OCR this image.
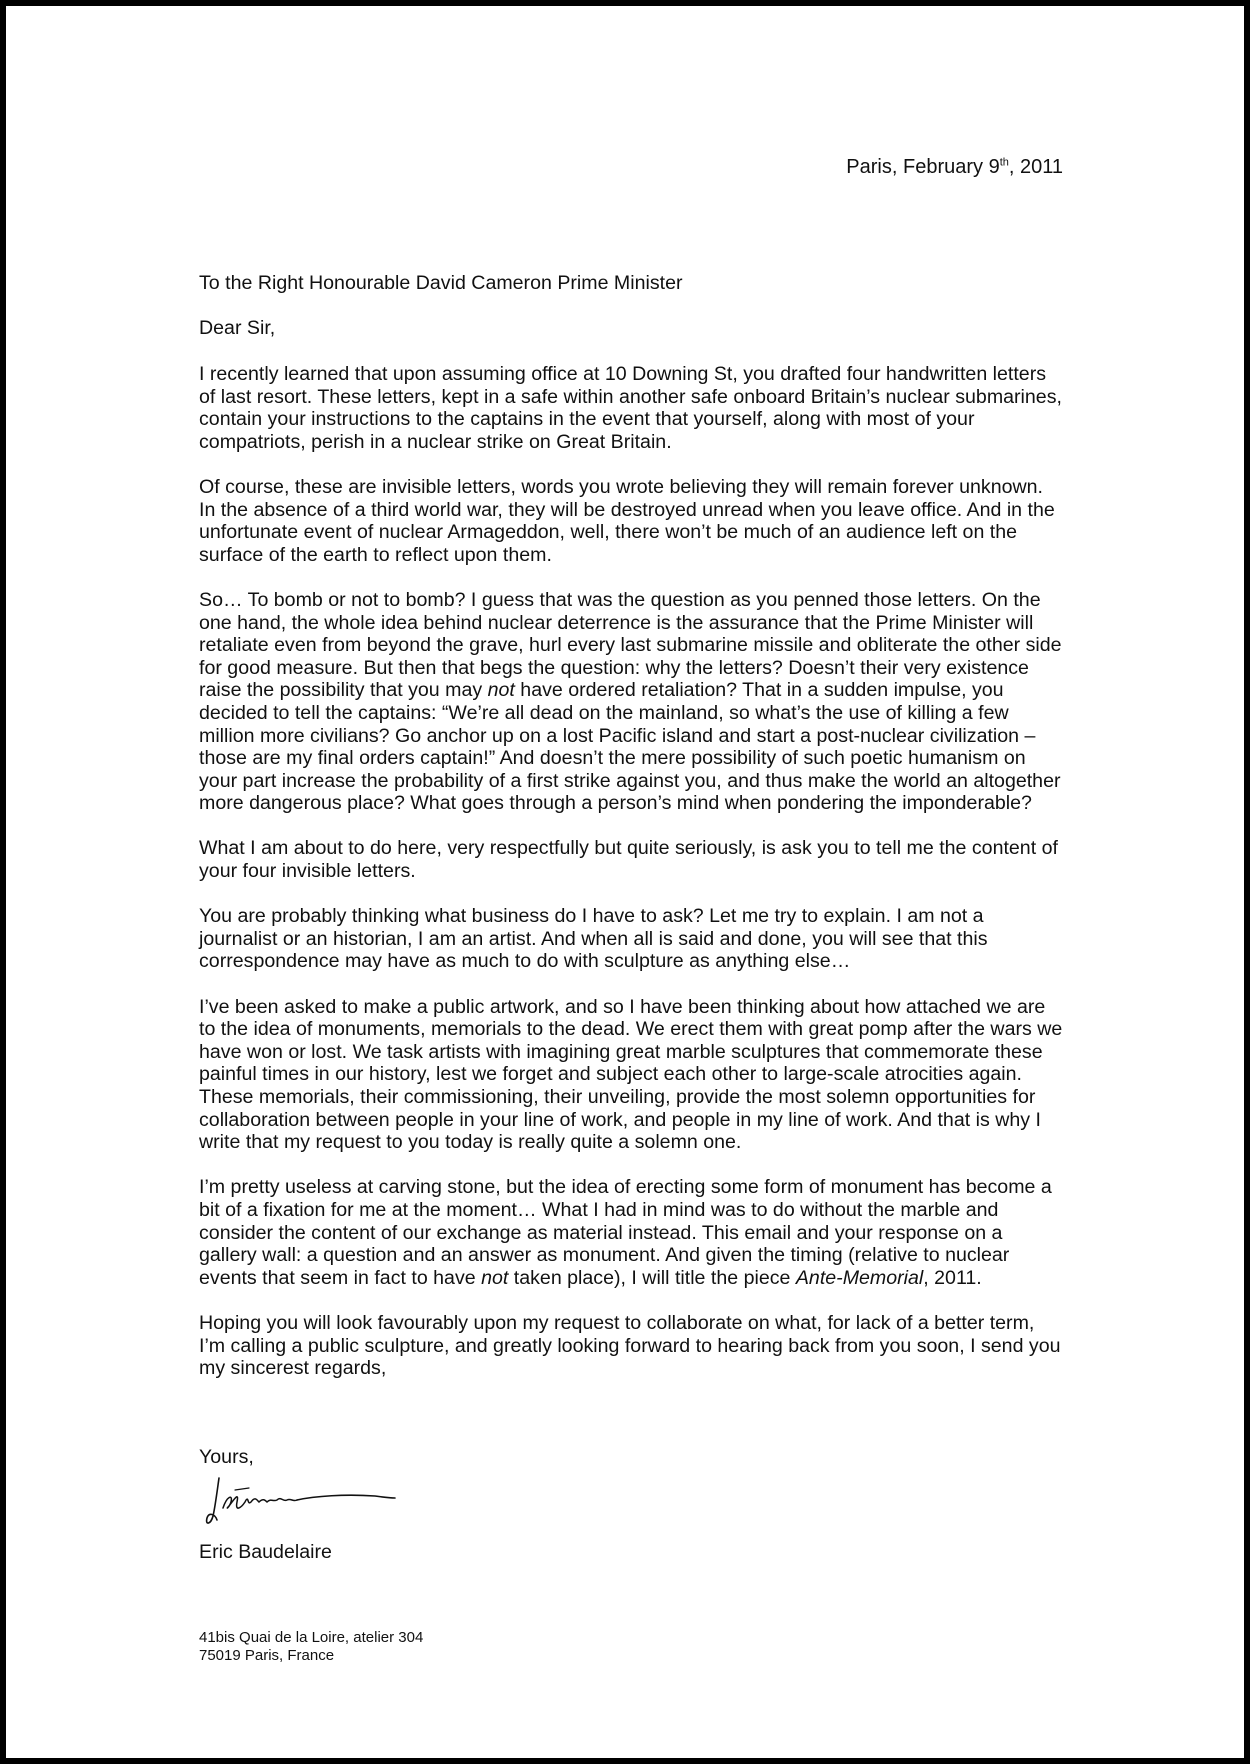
Paris, February 9th, 2011
To the Right Honourable David Cameron Prime Minister
Dear Sir,

I recently learned that upon assuming office at 10 Downing St, you drafted four handwritten letters of last resort. These letters, kept in a safe within another safe onboard Britain’s nuclear submarines, contain your instructions to the captains in the event that yourself, along with most of your compatriots, perish in a nuclear strike on Great Britain.

Of course, these are invisible letters, words you wrote believing they will remain forever unknown. In the absence of a third world war, they will be destroyed unread when you leave office. And in the unfortunate event of nuclear Armageddon, well, there won’t be much of an audience left on the surface of the earth to reflect upon them.

So… To bomb or not to bomb? I guess that was the question as you penned those letters. On the one hand, the whole idea behind nuclear deterrence is the assurance that the Prime Minister will retaliate even from beyond the grave, hurl every last submarine missile and obliterate the other side for good measure. But then that begs the question: why the letters? Doesn’t their very existence raise the possibility that you may not have ordered retaliation? That in a sudden impulse, you decided to tell the captains: “We’re all dead on the mainland, so what’s the use of killing a few million more civilians? Go anchor up on a lost Pacific island and start a post-nuclear civilization – those are my final orders captain!” And doesn’t the mere possibility of such poetic humanism on your part increase the probability of a first strike against you, and thus make the world an altogether more dangerous place? What goes through a person’s mind when pondering the imponderable?

What I am about to do here, very respectfully but quite seriously, is ask you to tell me the content of your four invisible letters.

You are probably thinking what business do I have to ask? Let me try to explain. I am not a journalist or an historian, I am an artist. And when all is said and done, you will see that this correspondence may have as much to do with sculpture as anything else…

I’ve been asked to make a public artwork, and so I have been thinking about how attached we are to the idea of monuments, memorials to the dead. We erect them with great pomp after the wars we have won or lost. We task artists with imagining great marble sculptures that commemorate these painful times in our history, lest we forget and subject each other to large-scale atrocities again. These memorials, their commissioning, their unveiling, provide the most solemn opportunities for collaboration between people in your line of work, and people in my line of work. And that is why I write that my request to you today is really quite a solemn one.

I’m pretty useless at carving stone, but the idea of erecting some form of monument has become a bit of a fixation for me at the moment… What I had in mind was to do without the marble and consider the content of our exchange as material instead. This email and your response on a gallery wall: a question and an answer as monument. And given the timing (relative to nuclear events that seem in fact to have not taken place), I will title the piece Ante-Memorial, 2011.

Hoping you will look favourably upon my request to collaborate on what, for lack of a better term, I’m calling a public sculpture, and greatly looking forward to hearing back from you soon, I send you my sincerest regards,

Yours,
Eric Baudelaire
41bis Quai de la Loire, atelier 304
75019 Paris, France
